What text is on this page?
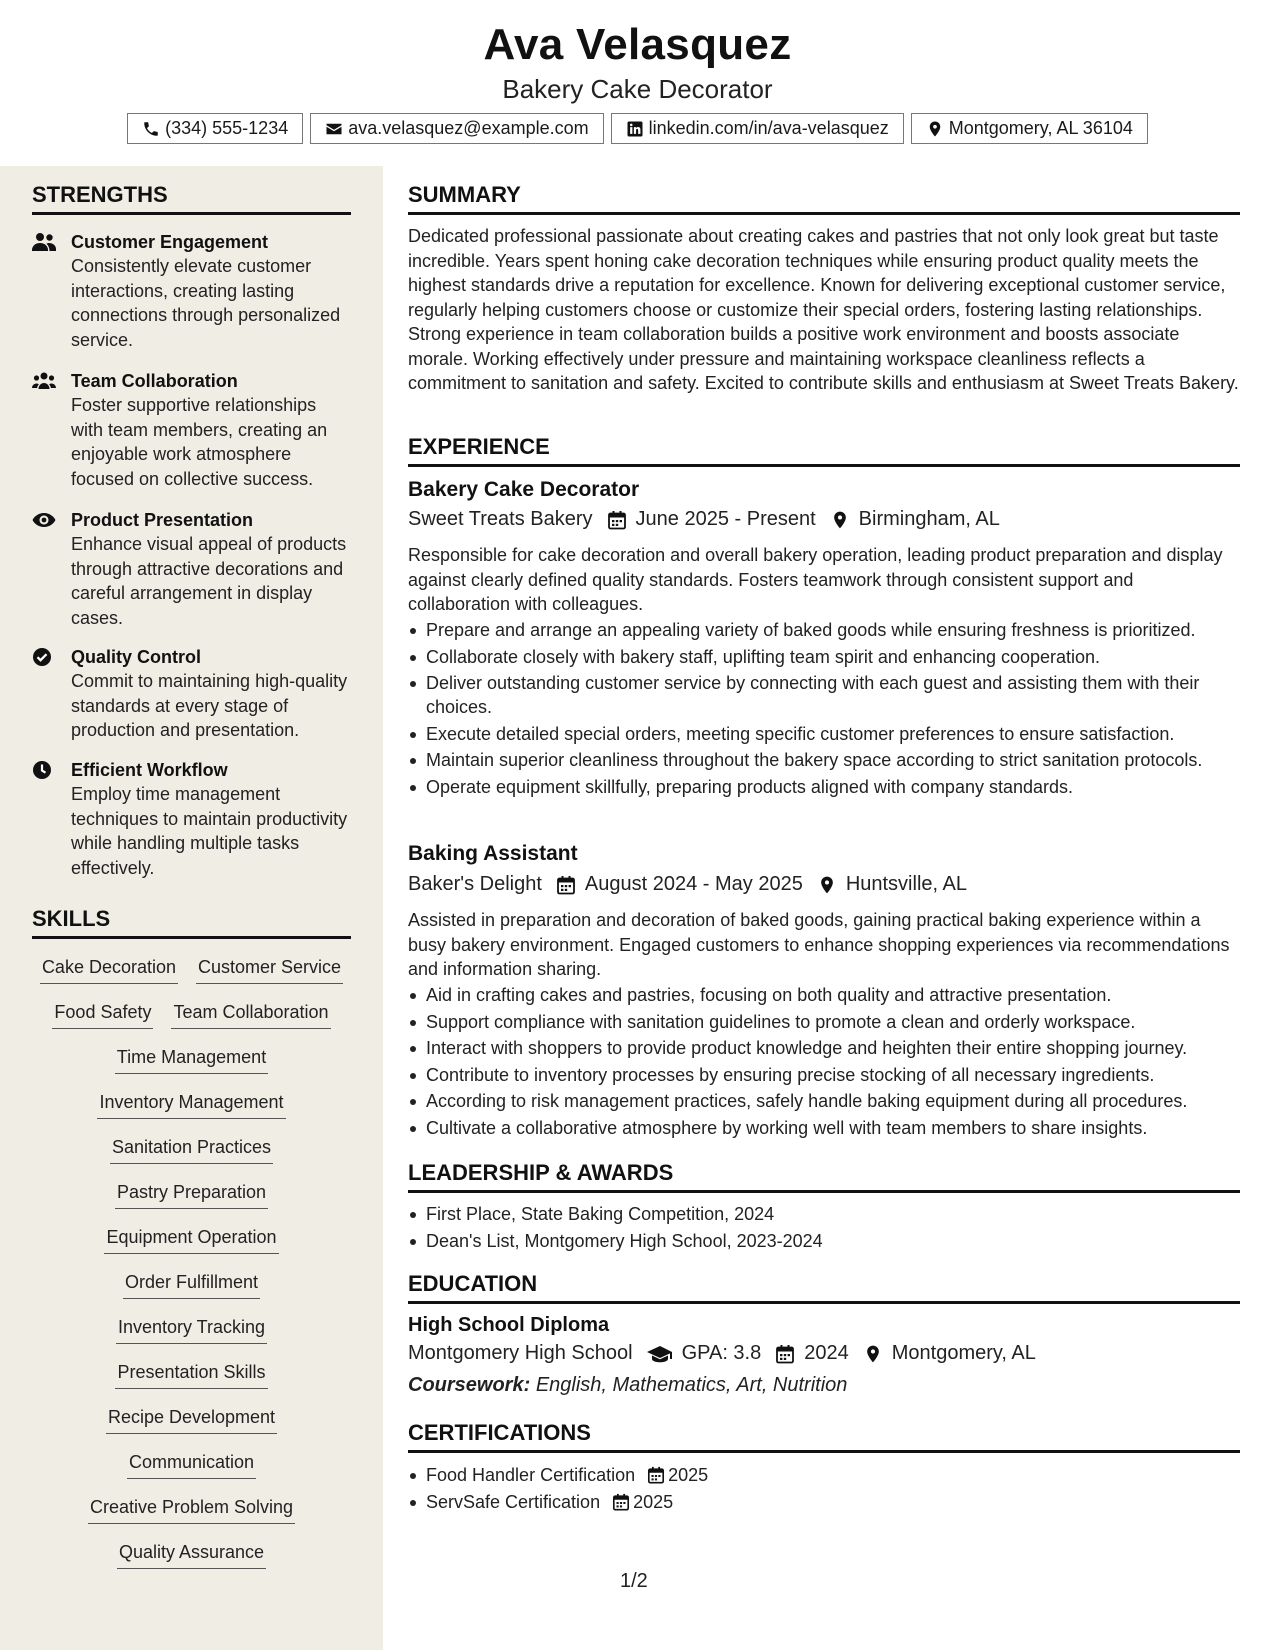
Ava Velasquez
Bakery Cake Decorator
(334) 555-1234	ava.velasquez@example.com	linkedin.com/in/ava-velasquez	Montgomery, AL 36104
STRENGTHS
Customer Engagement
Consistently elevate customer interactions, creating lasting connections through personalized service.
Team Collaboration
Foster supportive relationships with team members, creating an enjoyable work atmosphere focused on collective success.
Product Presentation
Enhance visual appeal of products through attractive decorations and careful arrangement in display cases.
Quality Control
Commit to maintaining high-quality standards at every stage of production and presentation.
Efficient Workflow
Employ time management techniques to maintain productivity while handling multiple tasks effectively.
SKILLS
Cake Decoration Customer Service
Food Safety Team Collaboration
Time Management
Inventory Management
Sanitation Practices
Pastry Preparation
Equipment Operation
Order Fulfillment
Inventory Tracking
Presentation Skills
Recipe Development
Communication
Creative Problem Solving
Quality Assurance
SUMMARY
Dedicated professional passionate about creating cakes and pastries that not only look great but taste incredible. Years spent honing cake decoration techniques while ensuring product quality meets the highest standards drive a reputation for excellence. Known for delivering exceptional customer service, regularly helping customers choose or customize their special orders, fostering lasting relationships. Strong experience in team collaboration builds a positive work environment and boosts associate morale. Working effectively under pressure and maintaining workspace cleanliness reflects a commitment to sanitation and safety. Excited to contribute skills and enthusiasm at Sweet Treats Bakery.
EXPERIENCE
Bakery Cake Decorator
Sweet Treats Bakery June 2025 - Present Birmingham, AL
Responsible for cake decoration and overall bakery operation, leading product preparation and display against clearly defined quality standards. Fosters teamwork through consistent support and collaboration with colleagues.
Prepare and arrange an appealing variety of baked goods while ensuring freshness is prioritized.
Collaborate closely with bakery staff, uplifting team spirit and enhancing cooperation.
Deliver outstanding customer service by connecting with each guest and assisting them with their choices.
Execute detailed special orders, meeting specific customer preferences to ensure satisfaction.
Maintain superior cleanliness throughout the bakery space according to strict sanitation protocols.
Operate equipment skillfully, preparing products aligned with company standards.
Baking Assistant
Baker's Delight August 2024 - May 2025 Huntsville, AL
Assisted in preparation and decoration of baked goods, gaining practical baking experience within a busy bakery environment. Engaged customers to enhance shopping experiences via recommendations and information sharing.
Aid in crafting cakes and pastries, focusing on both quality and attractive presentation.
Support compliance with sanitation guidelines to promote a clean and orderly workspace.
Interact with shoppers to provide product knowledge and heighten their entire shopping journey.
Contribute to inventory processes by ensuring precise stocking of all necessary ingredients.
According to risk management practices, safely handle baking equipment during all procedures.
Cultivate a collaborative atmosphere by working well with team members to share insights.
LEADERSHIP & AWARDS
First Place, State Baking Competition, 2024
Dean's List, Montgomery High School, 2023-2024
EDUCATION
High School Diploma
Montgomery High School GPA: 3.8 2024 Montgomery, AL
Coursework: English, Mathematics, Art, Nutrition
CERTIFICATIONS
Food Handler Certification 2025
ServSafe Certification 2025
1/2
